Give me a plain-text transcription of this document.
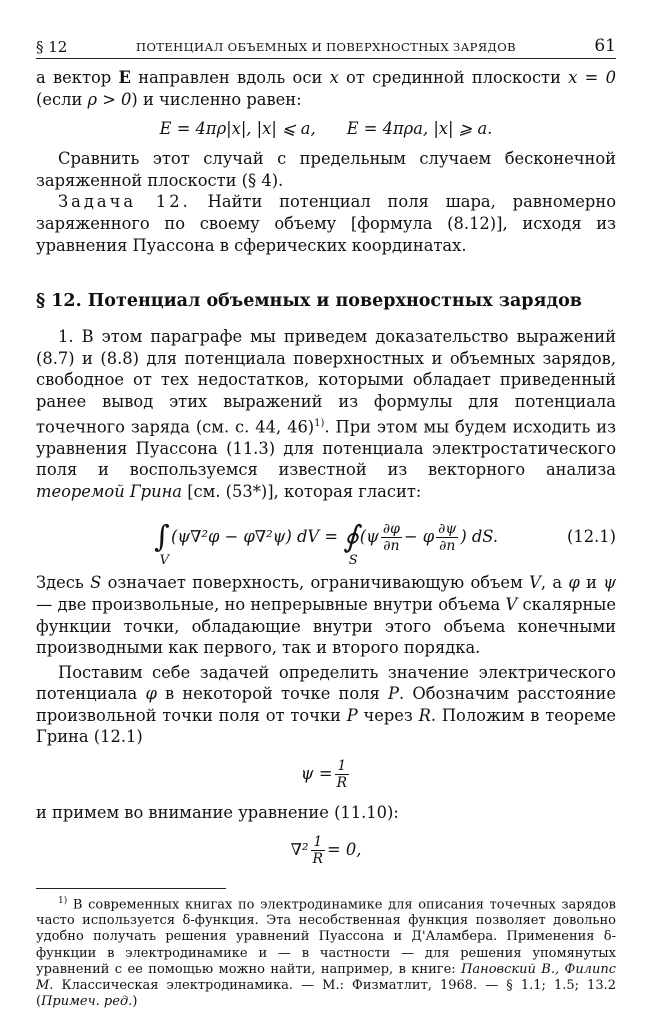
§ 12	ПОТЕНЦИАЛ ОБЪЕМНЫХ И ПОВЕРХНОСТНЫХ ЗАРЯДОВ	61

а вектор E направлен вдоль оси x от срединной плоскости x = 0 (если ρ > 0) и численно равен:

E = 4πρ|x|, |x| ⩽ a, E = 4πρa, |x| ⩾ a.

Сравнить этот случай с предельным случаем бесконечной заряженной плоскости (§ 4).

Задача 12. Найти потенциал поля шара, равномерно заряженного по своему объему [формула (8.12)], исходя из уравнения Пуассона в сферических координатах.

§ 12. Потенциал объемных и поверхностных зарядов

1. В этом параграфе мы приведем доказательство выражений (8.7) и (8.8) для потенциала поверхностных и объемных зарядов, свободное от тех недостатков, которыми обладает приведенный ранее вывод этих выражений из формулы для потенциала точечного заряда (см. с. 44, 46)$^{1)}$. При этом мы будем исходить из уравнения Пуассона (11.3) для потенциала электростатического поля и воспользуемся известной из векторного анализа теоремой Грина [см. (53*)], которая гласит:

∫V(ψ∇²φ − φ∇²ψ) dV = ∮S(ψ $\frac{\partial\varphi}{\partial n} - \varphi \frac{\partial\psi}{\partial n}$ ) dS.	(12.1)

Здесь S означает поверхность, ограничивающую объем V, а φ и ψ — две произвольные, но непрерывные внутри объема V скалярные функции точки, обладающие внутри этого объема конечными производными как первого, так и второго порядка.

Поставим себе задачей определить значение электрического потенциала φ в некоторой точке поля P. Обозначим расстояние произвольной точки поля от точки P через R. Положим в теореме Грина (12.1)

$\psi = \frac{1}{R}$

и примем во внимание уравнение (11.10):

$\nabla^2 \frac{1}{R} = 0$,

$^{1)}$ В современных книгах по электродинамике для описания точечных зарядов часто используется δ-функция. Эта несобственная функция позволяет довольно удобно получать решения уравнений Пуассона и Д'Аламбера. Применения δ-функции в электродинамике и — в частности — для решения упомянутых уравнений с ее помощью можно найти, например, в книге: Пановский В., Филипс М. Классическая электродинамика. — М.: Физматлит, 1968. — § 1.1; 1.5; 13.2 (Примеч. ред.)
